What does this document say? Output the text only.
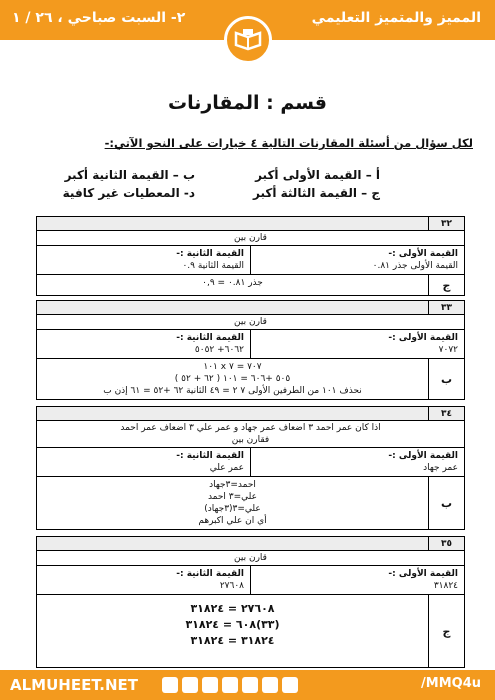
المميز والمتميز التعليمي
٢- السبت صباحي ، ٢٦ / ١
قسم : المقارنات
لكل سؤال من أسئلة المقارنات التالية ٤ خيارات على النحو الآتي:-
أ – القيمة الأولى أكبر
ب – القيمة الثانية أكبر
ج – القيمة الثالثة أكبر
د- المعطيات غير كافية
٣٢
قارن بين
القيمة الأولى :-
القيمة الأولى جذر ٠.٨١
القيمة الثانية :-
القيمة الثانية ٠.٩
ج
جذر ٠.٨١ = ٠,٩
٣٣
قارن بين
القيمة الأولى :-
٧٠٧٢
القيمة الثانية :-
٦٠٦٢+ ٥٠٥٢
ب
٧٠٧ = ٧ x ١٠١
٥٠٥ +٦٠٦ = ١٠١ ( ٦٢ + ٥٢ )
نحذف ١٠١ من الطرفين الأولى ٧ ٢ = ٤٩ الثانية ٦٢ +٥٢ = ٦١ إذن ب
٣٤
اذا كان عمر احمد ٣ اضعاف عمر جهاد و عمر علي ٣ اضعاف عمر احمد
فقارن بين
القيمة الأولى :-
عمر جهاد
القيمة الثانية :-
عمر علي
ب
احمد=٣جهاد
علي=٣ احمد
علي=٣(٣جهاد)
أي ان علي اكبرهم
٣٥
قارن بين
القيمة الأولى :-
٣١٨٢٤
القيمة الثانية :-
٢٧٦٠٨
ج
٢٧٦٠٨ = ٣١٨٢٤
(٣٣)٦٠٨ = ٣١٨٢٤
٣١٨٢٤ = ٣١٨٢٤
ALMUHEET.NET	/MMQ4u
